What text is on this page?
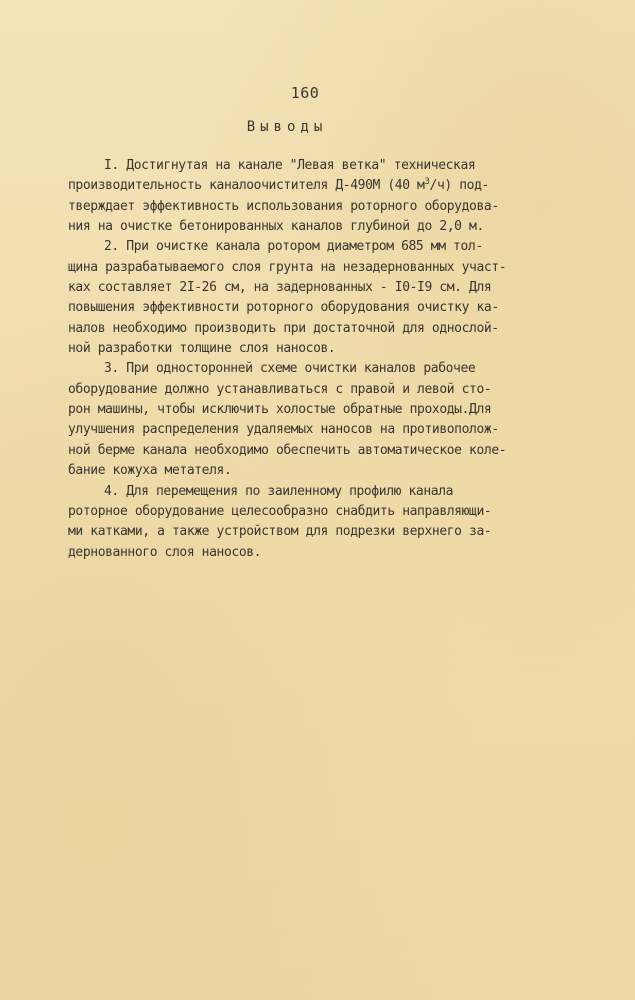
160
Выводы
I. Достигнутая на канале "Левая ветка" техническая
производительность каналоочистителя Д-490М (40 $м^3/ч$) под-
тверждает эффективность использования роторного оборудова-
ния на очистке бетонированных каналов глубиной до 2,0 м.
2. При очистке канала ротором диаметром 685 мм тол-
щина разрабатываемого слоя грунта на незадернованных участ-
ках составляет 2I-26 см, на задернованных - I0-I9 см. Для
повышения эффективности роторного оборудования очистку ка-
налов необходимо производить при достаточной для однослой-
ной разработки толщине слоя наносов.
3. При односторонней схеме очистки каналов рабочее
оборудование должно устанавливаться с правой и левой сто-
рон машины, чтобы исключить холостые обратные проходы.Для
улучшения распределения удаляемых наносов на противополож-
ной берме канала необходимо обеспечить автоматическое коле-
бание кожуха метателя.
4. Для перемещения по заиленному профилю канала
роторное оборудование целесообразно снабдить направляющи-
ми катками, а также устройством для подрезки верхнего за-
дернованного слоя наносов.
